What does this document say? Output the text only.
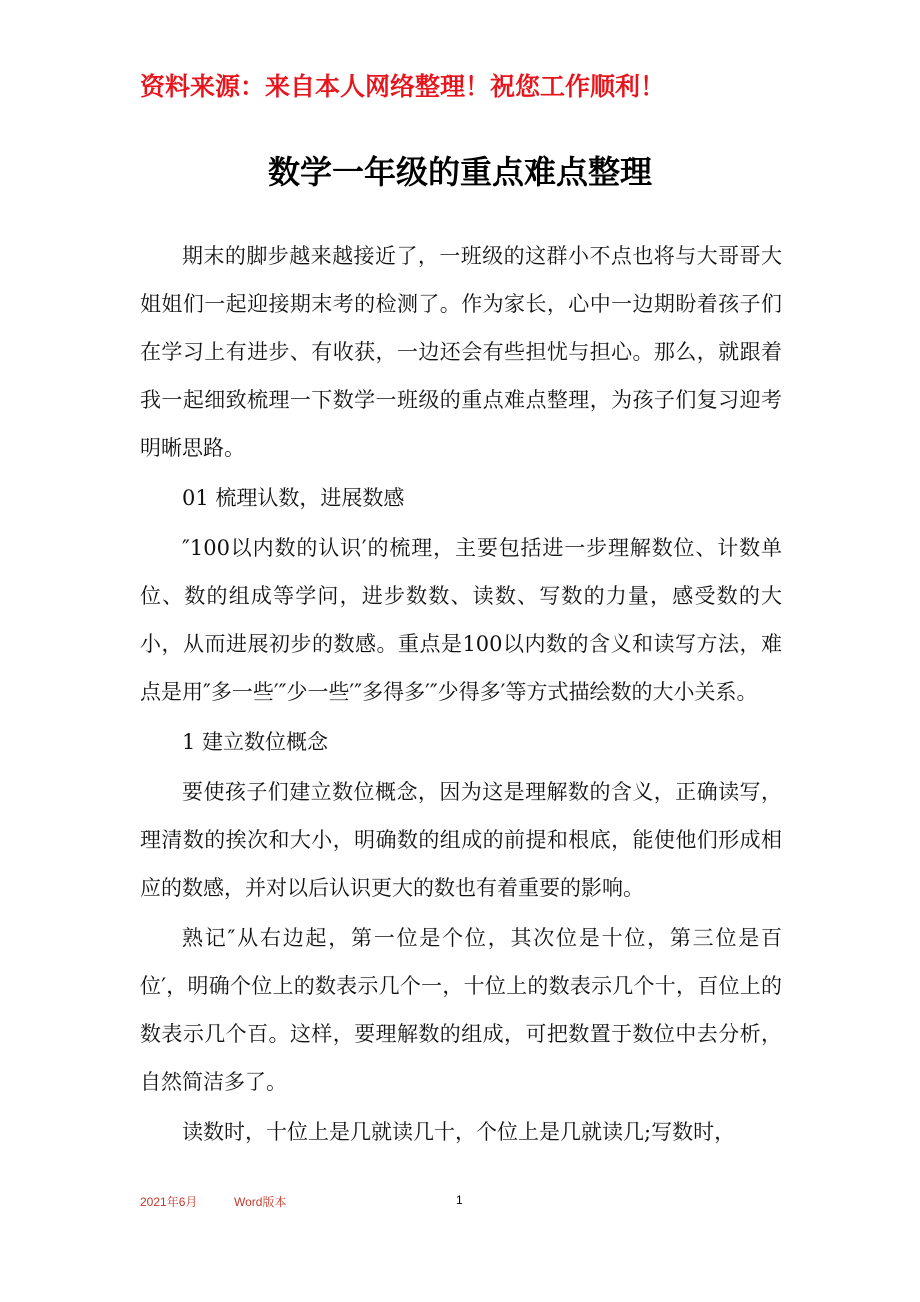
资料来源：来自本人网络整理！祝您工作顺利！
数学一年级的重点难点整理

期末的脚步越来越接近了，一班级的这群小不点也将与大哥哥大姐姐们一起迎接期末考的检测了。作为家长，心中一边期盼着孩子们在学习上有进步、有收获，一边还会有些担忧与担心。那么，就跟着我一起细致梳理一下数学一班级的重点难点整理，为孩子们复习迎考明晰思路。

01 梳理认数，进展数感

″100以内数的认识′的梳理，主要包括进一步理解数位、计数单位、数的组成等学问，进步数数、读数、写数的力量，感受数的大小，从而进展初步的数感。重点是100以内数的含义和读写方法，难点是用″多一些′″少一些′″多得多′″少得多′等方式描绘数的大小关系。

1 建立数位概念

要使孩子们建立数位概念，因为这是理解数的含义，正确读写，理清数的挨次和大小，明确数的组成的前提和根底，能使他们形成相应的数感，并对以后认识更大的数也有着重要的影响。

熟记″从右边起，第一位是个位，其次位是十位，第三位是百位′，明确个位上的数表示几个一，十位上的数表示几个十，百位上的数表示几个百。这样，要理解数的组成，可把数置于数位中去分析，自然简洁多了。

读数时，十位上是几就读几十，个位上是几就读几;写数时，

2021年6月	Word版本	1
